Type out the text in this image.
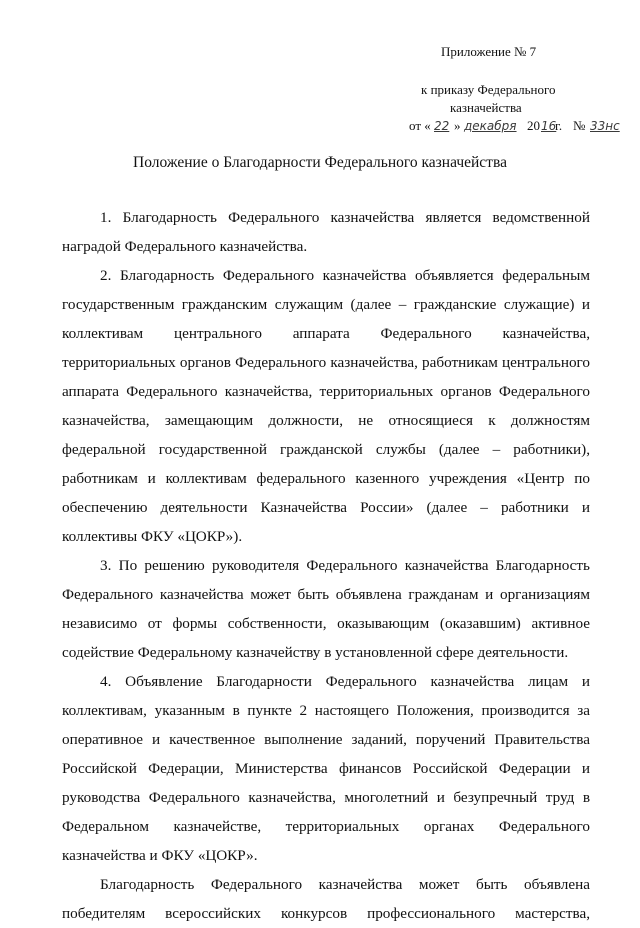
Приложение № 7
к приказу Федерального
казначейства
от « 22 » декабря 20 16
г. № 33нс
Положение о Благодарности Федерального казначейства

1. Благодарность Федерального казначейства является ведомственной наградой Федерального казначейства.

2. Благодарность Федерального казначейства объявляется федеральным государственным гражданским служащим (далее – гражданские служащие) и коллективам центрального аппарата Федерального казначейства, территориальных органов Федерального казначейства, работникам центрального аппарата Федерального казначейства, территориальных органов Федерального казначейства, замещающим должности, не относящиеся к должностям федеральной государственной гражданской службы (далее – работники), работникам и коллективам федерального казенного учреждения «Центр по обеспечению деятельности Казначейства России» (далее – работники и коллективы ФКУ «ЦОКР»).

3. По решению руководителя Федерального казначейства Благодарность Федерального казначейства может быть объявлена гражданам и организациям независимо от формы собственности, оказывающим (оказавшим) активное содействие Федеральному казначейству в установленной сфере деятельности.

4. Объявление Благодарности Федерального казначейства лицам и коллективам, указанным в пункте 2 настоящего Положения, производится за оперативное и качественное выполнение заданий, поручений Правительства Российской Федерации, Министерства финансов Российской Федерации и руководства Федерального казначейства, многолетний и безупречный труд в Федеральном казначействе, территориальных органах Федерального казначейства и ФКУ «ЦОКР».

Благодарность Федерального казначейства может быть объявлена победителям всероссийских конкурсов профессионального мастерства,
